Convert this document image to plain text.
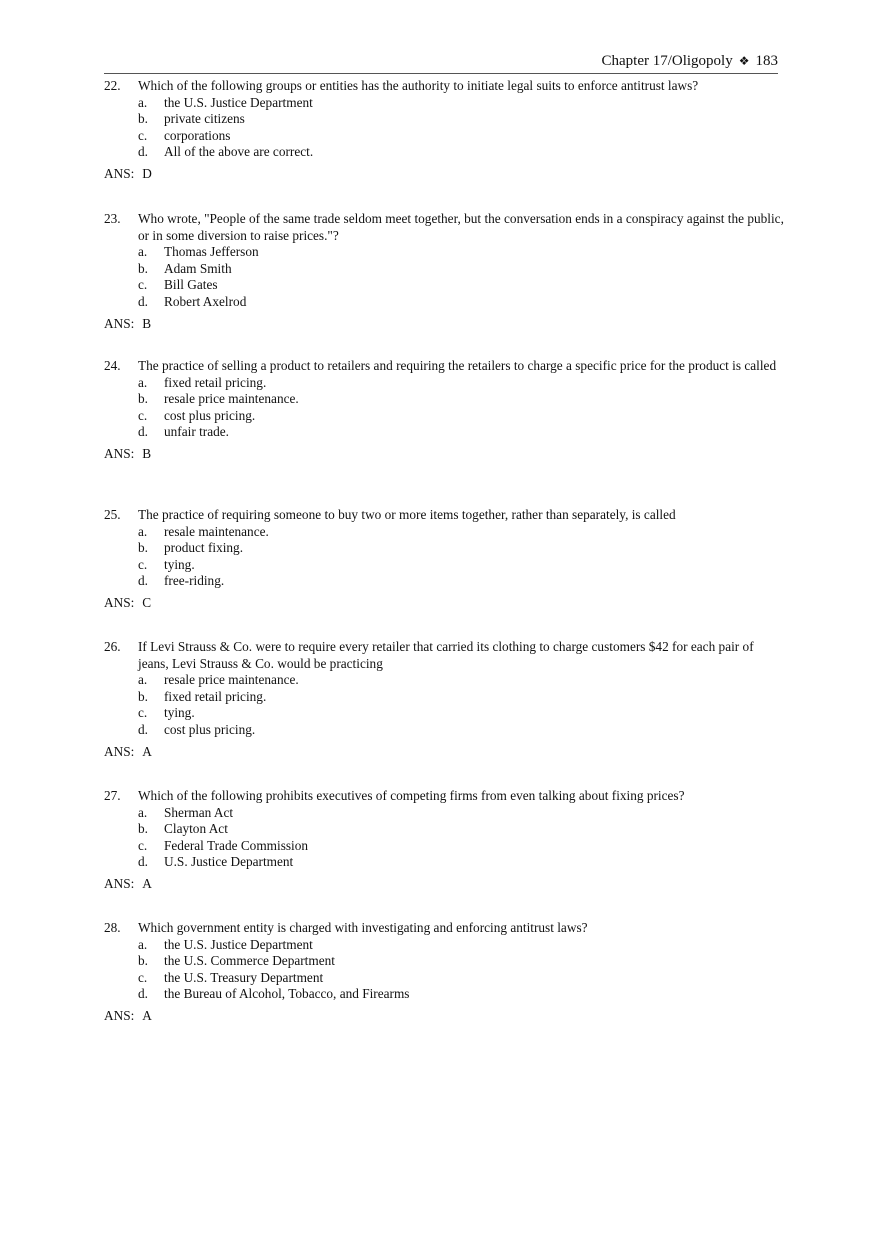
Chapter 17/Oligopoly ❖ 183
22. Which of the following groups or entities has the authority to initiate legal suits to enforce antitrust laws?
a. the U.S. Justice Department
b. private citizens
c. corporations
d. All of the above are correct.
ANS: D
23. Who wrote, "People of the same trade seldom meet together, but the conversation ends in a conspiracy against the public, or in some diversion to raise prices."?
a. Thomas Jefferson
b. Adam Smith
c. Bill Gates
d. Robert Axelrod
ANS: B
24. The practice of selling a product to retailers and requiring the retailers to charge a specific price for the product is called
a. fixed retail pricing.
b. resale price maintenance.
c. cost plus pricing.
d. unfair trade.
ANS: B
25. The practice of requiring someone to buy two or more items together, rather than separately, is called
a. resale maintenance.
b. product fixing.
c. tying.
d. free-riding.
ANS: C
26. If Levi Strauss & Co. were to require every retailer that carried its clothing to charge customers $42 for each pair of jeans, Levi Strauss & Co. would be practicing
a. resale price maintenance.
b. fixed retail pricing.
c. tying.
d. cost plus pricing.
ANS: A
27. Which of the following prohibits executives of competing firms from even talking about fixing prices?
a. Sherman Act
b. Clayton Act
c. Federal Trade Commission
d. U.S. Justice Department
ANS: A
28. Which government entity is charged with investigating and enforcing antitrust laws?
a. the U.S. Justice Department
b. the U.S. Commerce Department
c. the U.S. Treasury Department
d. the Bureau of Alcohol, Tobacco, and Firearms
ANS: A
